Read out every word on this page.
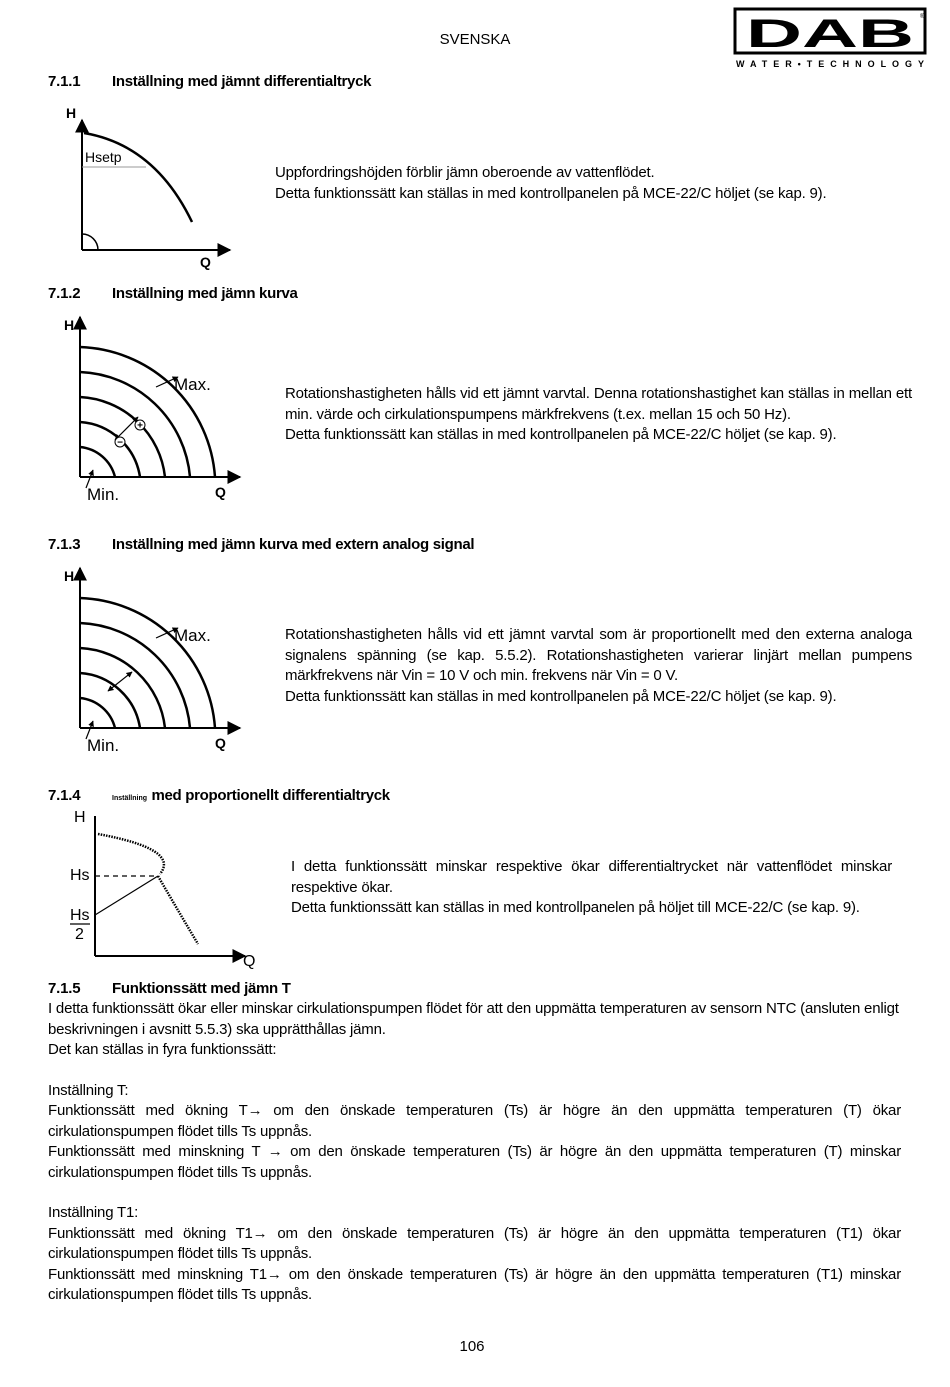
SVENSKA	DAB ®
WATER•TECHNOLOGY
7.1.1 Inställning med jämnt differentialtryck
H
Q
Hsetp

Uppfordringshöjden förblir jämn oberoende av vattenflödet.

Detta funktionssätt kan ställas in med kontrollpanelen på MCE-22/C höljet (se kap. 9).

7.1.2 Inställning med jämn kurva
+
−
H
Q
Max.
Min.

Rotationshastigheten hålls vid ett jämnt varvtal. Denna rotationshastighet kan ställas in mellan ett min. värde och cirkulationspumpens märkfrekvens (t.ex. mellan 15 och 50 Hz).

Detta funktionssätt kan ställas in med kontrollpanelen på MCE-22/C höljet (se kap. 9).

7.1.3 Inställning med jämn kurva med extern analog signal
H
Q
Max.
Min.

Rotationshastigheten hålls vid ett jämnt varvtal som är proportionellt med den externa analoga signalens spänning (se kap. 5.5.2). Rotationshastigheten varierar linjärt mellan pumpens märkfrekvens när Vin = 10 V och min. frekvens när Vin = 0 V.

Detta funktionssätt kan ställas in med kontrollpanelen på MCE-22/C höljet (se kap. 9).

7.1.4	Inställning med proportionellt differentialtryck
H
Q
Hs
Hs
2

I detta funktionssätt minskar respektive ökar differentialtrycket när vattenflödet minskar respektive ökar.

Detta funktionssätt kan ställas in med kontrollpanelen på höljet till MCE-22/C (se kap. 9).

7.1.5 Funktionssätt med jämn T

I detta funktionssätt ökar eller minskar cirkulationspumpen flödet för att den uppmätta temperaturen av sensorn NTC (ansluten enligt beskrivningen i avsnitt 5.5.3) ska upprätthållas jämn.

Det kan ställas in fyra funktionssätt:

Inställning T:

Funktionssätt med ökning T→ om den önskade temperaturen (Ts) är högre än den uppmätta temperaturen (T) ökar cirkulationspumpen flödet tills Ts uppnås.

Funktionssätt med minskning T → om den önskade temperaturen (Ts) är högre än den uppmätta temperaturen (T) minskar cirkulationspumpen flödet tills Ts uppnås.

Inställning T1:

Funktionssätt med ökning T1→ om den önskade temperaturen (Ts) är högre än den uppmätta temperaturen (T1) ökar cirkulationspumpen flödet tills Ts uppnås.

Funktionssätt med minskning T1→ om den önskade temperaturen (Ts) är högre än den uppmätta temperaturen (T1) minskar cirkulationspumpen flödet tills Ts uppnås.

106
